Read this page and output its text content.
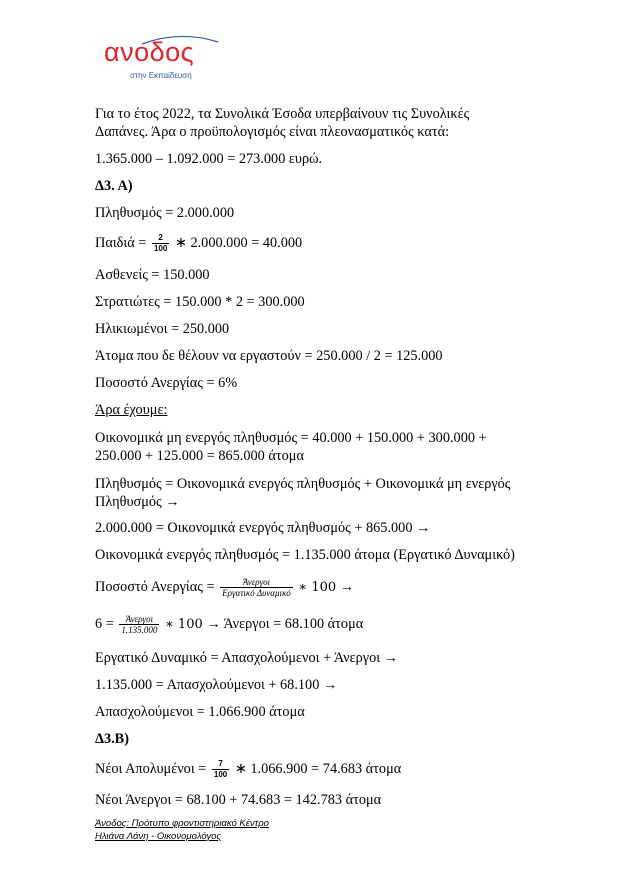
ανοδος
στην Εκπαίδευση
Για το έτος 2022, τα Συνολικά Έσοδα υπερβαίνουν τις Συνολικές
Δαπάνες. Άρα ο προϋπολογισμός είναι πλεονασματικός κατά:
1.365.000 – 1.092.000 = 273.000 ευρώ.
Δ3. Α)
Πληθυσμός = 2.000.000
$\Pi\alpha\iota\delta\iota ά = \frac{2}{100}$ ∗ 2.000.000 = 40.000
Ασθενείς = 150.000
Στρατιώτες = 150.000 * 2 = 300.000
Ηλικιωμένοι = 250.000
Άτομα που δε θέλουν να εργαστούν = 250.000 / 2 = 125.000
Ποσοστό Ανεργίας = 6%
Άρα έχουμε:
Οικονομικά μη ενεργός πληθυσμός = 40.000 + 150.000 + 300.000 +
250.000 + 125.000 = 865.000 άτομα
Πληθυσμός = Οικονομικά ενεργός πληθυσμός + Οικονομικά μη ενεργός
Πληθυσμός →
2.000.000 = Οικονομικά ενεργός πληθυσμός + 865.000 →
Οικονομικά ενεργός πληθυσμός = 1.135.000 άτομα (Εργατικό Δυναμικό)
Ποσοστό $A\nu\varepsilon\rho\gamma ί\alpha\varsigma = \frac{\text{Άνεργοι}}{\text{Εργατικό Δυναμικό}}$ ∗ 100 →
$6 = \frac{\text{Άνεργοι}}{1.135.000}$ ∗ 100 → Άνεργοι = 68.100 άτομα
Εργατικό Δυναμικό = Απασχολούμενοι + Άνεργοι →
1.135.000 = Απασχολούμενοι + 68.100 →
Απασχολούμενοι = 1.066.900 άτομα
Δ3.Β)
Νέοι $A\pi o\lambda\upsilon\mu έ\nu o\iota = \frac{7}{100}$ ∗ 1.066.900 = 74.683 άτομα
Νέοι Άνεργοι = 68.100 + 74.683 = 142.783 άτομα
Άνοδος: Πρότυπο φροντιστηριακό Κέντρο
Ηλιάνα Λάνη - Οικονομολόγος
